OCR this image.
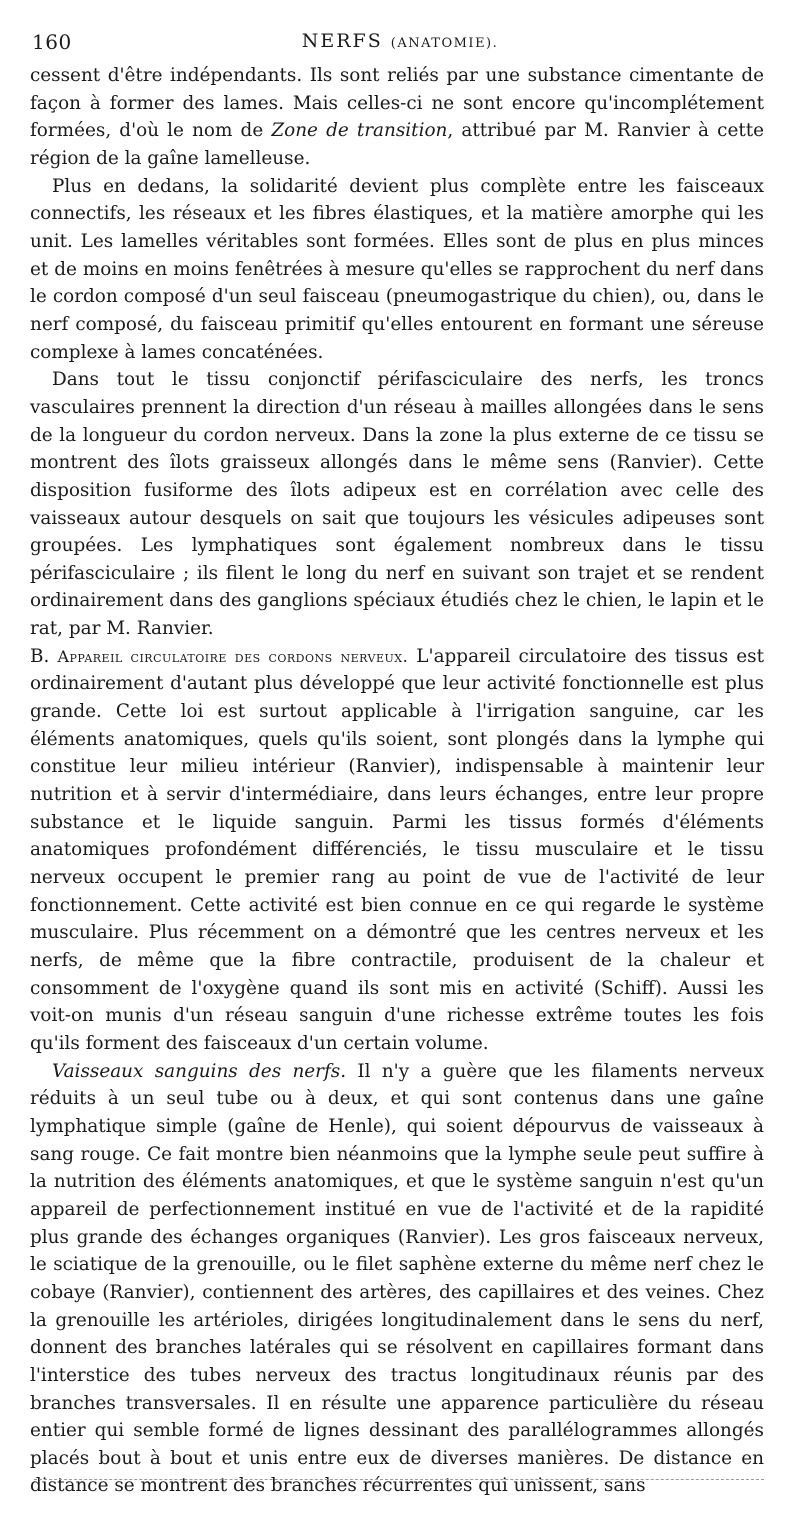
160	NERFS (ANATOMIE).

cessent d'être indépendants. Ils sont reliés par une substance cimentante de façon à former des lames. Mais celles-ci ne sont encore qu'incomplétement formées, d'où le nom de Zone de transition, attribué par M. Ranvier à cette région de la gaîne lamelleuse.

Plus en dedans, la solidarité devient plus complète entre les faisceaux connectifs, les réseaux et les fibres élastiques, et la matière amorphe qui les unit. Les lamelles véritables sont formées. Elles sont de plus en plus minces et de moins en moins fenêtrées à mesure qu'elles se rapprochent du nerf dans le cordon composé d'un seul faisceau (pneumogastrique du chien), ou, dans le nerf composé, du faisceau primitif qu'elles entourent en formant une séreuse complexe à lames concaténées.

Dans tout le tissu conjonctif périfasciculaire des nerfs, les troncs vasculaires prennent la direction d'un réseau à mailles allongées dans le sens de la longueur du cordon nerveux. Dans la zone la plus externe de ce tissu se montrent des îlots graisseux allongés dans le même sens (Ranvier). Cette disposition fusiforme des îlots adipeux est en corrélation avec celle des vaisseaux autour desquels on sait que toujours les vésicules adipeuses sont groupées. Les lymphatiques sont également nombreux dans le tissu périfasciculaire ; ils filent le long du nerf en suivant son trajet et se rendent ordinairement dans des ganglions spéciaux étudiés chez le chien, le lapin et le rat, par M. Ranvier.

B. Appareil circulatoire des cordons nerveux. L'appareil circulatoire des tissus est ordinairement d'autant plus développé que leur activité fonctionnelle est plus grande. Cette loi est surtout applicable à l'irrigation sanguine, car les éléments anatomiques, quels qu'ils soient, sont plongés dans la lymphe qui constitue leur milieu intérieur (Ranvier), indispensable à maintenir leur nutrition et à servir d'intermédiaire, dans leurs échanges, entre leur propre substance et le liquide sanguin. Parmi les tissus formés d'éléments anatomiques profondément différenciés, le tissu musculaire et le tissu nerveux occupent le premier rang au point de vue de l'activité de leur fonctionnement. Cette activité est bien connue en ce qui regarde le système musculaire. Plus récemment on a démontré que les centres nerveux et les nerfs, de même que la fibre contractile, produisent de la chaleur et consomment de l'oxygène quand ils sont mis en activité (Schiff). Aussi les voit-on munis d'un réseau sanguin d'une richesse extrême toutes les fois qu'ils forment des faisceaux d'un certain volume.

Vaisseaux sanguins des nerfs. Il n'y a guère que les filaments nerveux réduits à un seul tube ou à deux, et qui sont contenus dans une gaîne lymphatique simple (gaîne de Henle), qui soient dépourvus de vaisseaux à sang rouge. Ce fait montre bien néanmoins que la lymphe seule peut suffire à la nutrition des éléments anatomiques, et que le système sanguin n'est qu'un appareil de perfectionnement institué en vue de l'activité et de la rapidité plus grande des échanges organiques (Ranvier). Les gros faisceaux nerveux, le sciatique de la grenouille, ou le filet saphène externe du même nerf chez le cobaye (Ranvier), contiennent des artères, des capillaires et des veines. Chez la grenouille les artérioles, dirigées longitudinalement dans le sens du nerf, donnent des branches latérales qui se résolvent en capillaires formant dans l'interstice des tubes nerveux des tractus longitudinaux réunis par des branches transversales. Il en résulte une apparence particulière du réseau entier qui semble formé de lignes dessinant des parallélogrammes allongés placés bout à bout et unis entre eux de diverses manières. De distance en distance se montrent des branches récurrentes qui unissent, sans
